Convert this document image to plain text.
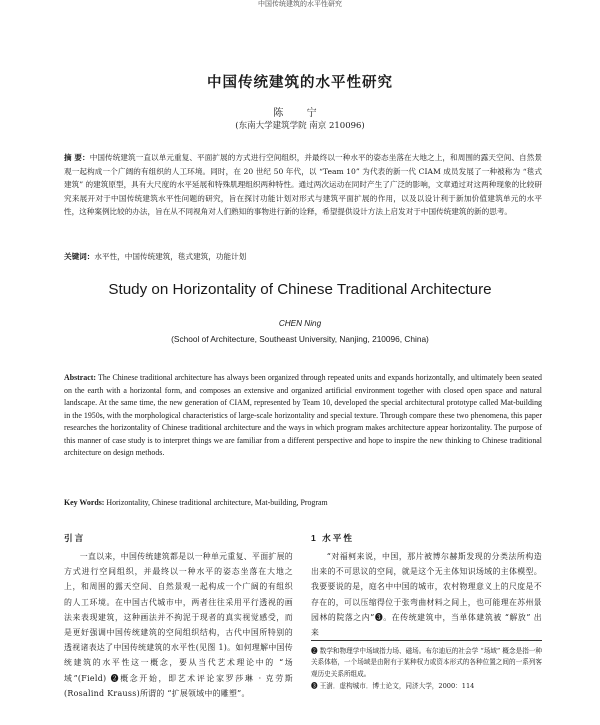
中国传统建筑的水平性研究
中国传统建筑的水平性研究
陈 宁
(东南大学建筑学院 南京 210096)
摘 要：中国传统建筑一直以单元重复、平面扩展的方式进行空间组织，并最终以一种水平的姿态坐落在大地之上，和周围的露天空间、自然景观一起构成一个广阔的有组织的人工环境。同时，在 20 世纪 50 年代，以 “Team 10” 为代表的新一代 CIAM 成员发展了一种被称为 “毯式建筑” 的建筑原型，具有大尺度的水平延展和特殊肌理组织两种特性。通过两次运动在同时产生了广泛的影响，文章通过对这两种现象的比较研究来展开对于中国传统建筑水平性问题的研究，旨在探讨功能计划对形式与建筑平面扩展的作用，以及以设计利于新加价值建筑单元的水平性，这种案例比较的办法，旨在从不同视角对人们熟知的事物进行新的诠释，希望提供设计方法上启发对于中国传统建筑的新的思考。
关键词：水平性，中国传统建筑，毯式建筑，功能计划
Study on Horizontality of Chinese Traditional Architecture
CHEN Ning
(School of Architecture, Southeast University, Nanjing, 210096, China)
Abstract: The Chinese traditional architecture has always been organized through repeated units and expands horizontally, and ultimately been seated on the earth with a horizontal form, and composes an extensive and organized artificial environment together with closed open space and natural landscape. At the same time, the new generation of CIAM, represented by Team 10, developed the special architectural prototype called Mat-building in the 1950s, with the morphological characteristics of large-scale horizontality and special texture. Through compare these two phenomena, this paper researches the horizontality of Chinese traditional architecture and the ways in which program makes architecture appear horizontality. The purpose of this manner of case study is to interpret things we are familiar from a different perspective and hope to inspire the new thinking to Chinese traditional architecture on design methods.
Key Words: Horizontality, Chinese traditional architecture, Mat-building, Program
引言
一直以来，中国传统建筑都是以一种单元重复、平面扩展的方式进行空间组织，并最终以一种水平的姿态坐落在大地之上，和周围的露天空间、自然景观一起构成一个广阔的有组织的人工环境。在中国古代城市中，两者往往采用平行透视的画法来表现建筑，这种画法并不拘泥于现者的真实视觉感受，而是更好强调中国传统建筑的空间组织结构，古代中国所特别的透视诸表达了中国传统建筑的水平性(见图 1)。如何理解中国传统建筑的水平性这一概念，要从当代艺术理论中的 “场域”(Field) ❷概念开始，即艺术评论家罗莎琳 · 克劳斯(Rosalind Krauss)所谓的 “扩展领域中的雕塑”。
1 水平性
“对福柯来说，中国，那片被博尔赫斯发现的分类法所构造出来的不可思议的空间，就是这个无主体知识场域的主体模型。我要要说的是，庭名中中国的城市，农村物理意义上的尺度是不存在的，可以压缩得位于张弯曲材料之间上，也可能理在苏州景园林的院落之内”❸。在传统建筑中，当单体建筑被 “解放” 出来
❷ 数学和物理学中场域指力场、磁场。布尔迪厄的社会学 “场域” 概念是指一种关系体格，一个场域是由附有于某种权力或资本形式的各种位置之间的一系列客观历史关系所组成。
❸ 王澍．虚构城市．博士论文，同济大学，2000：114
